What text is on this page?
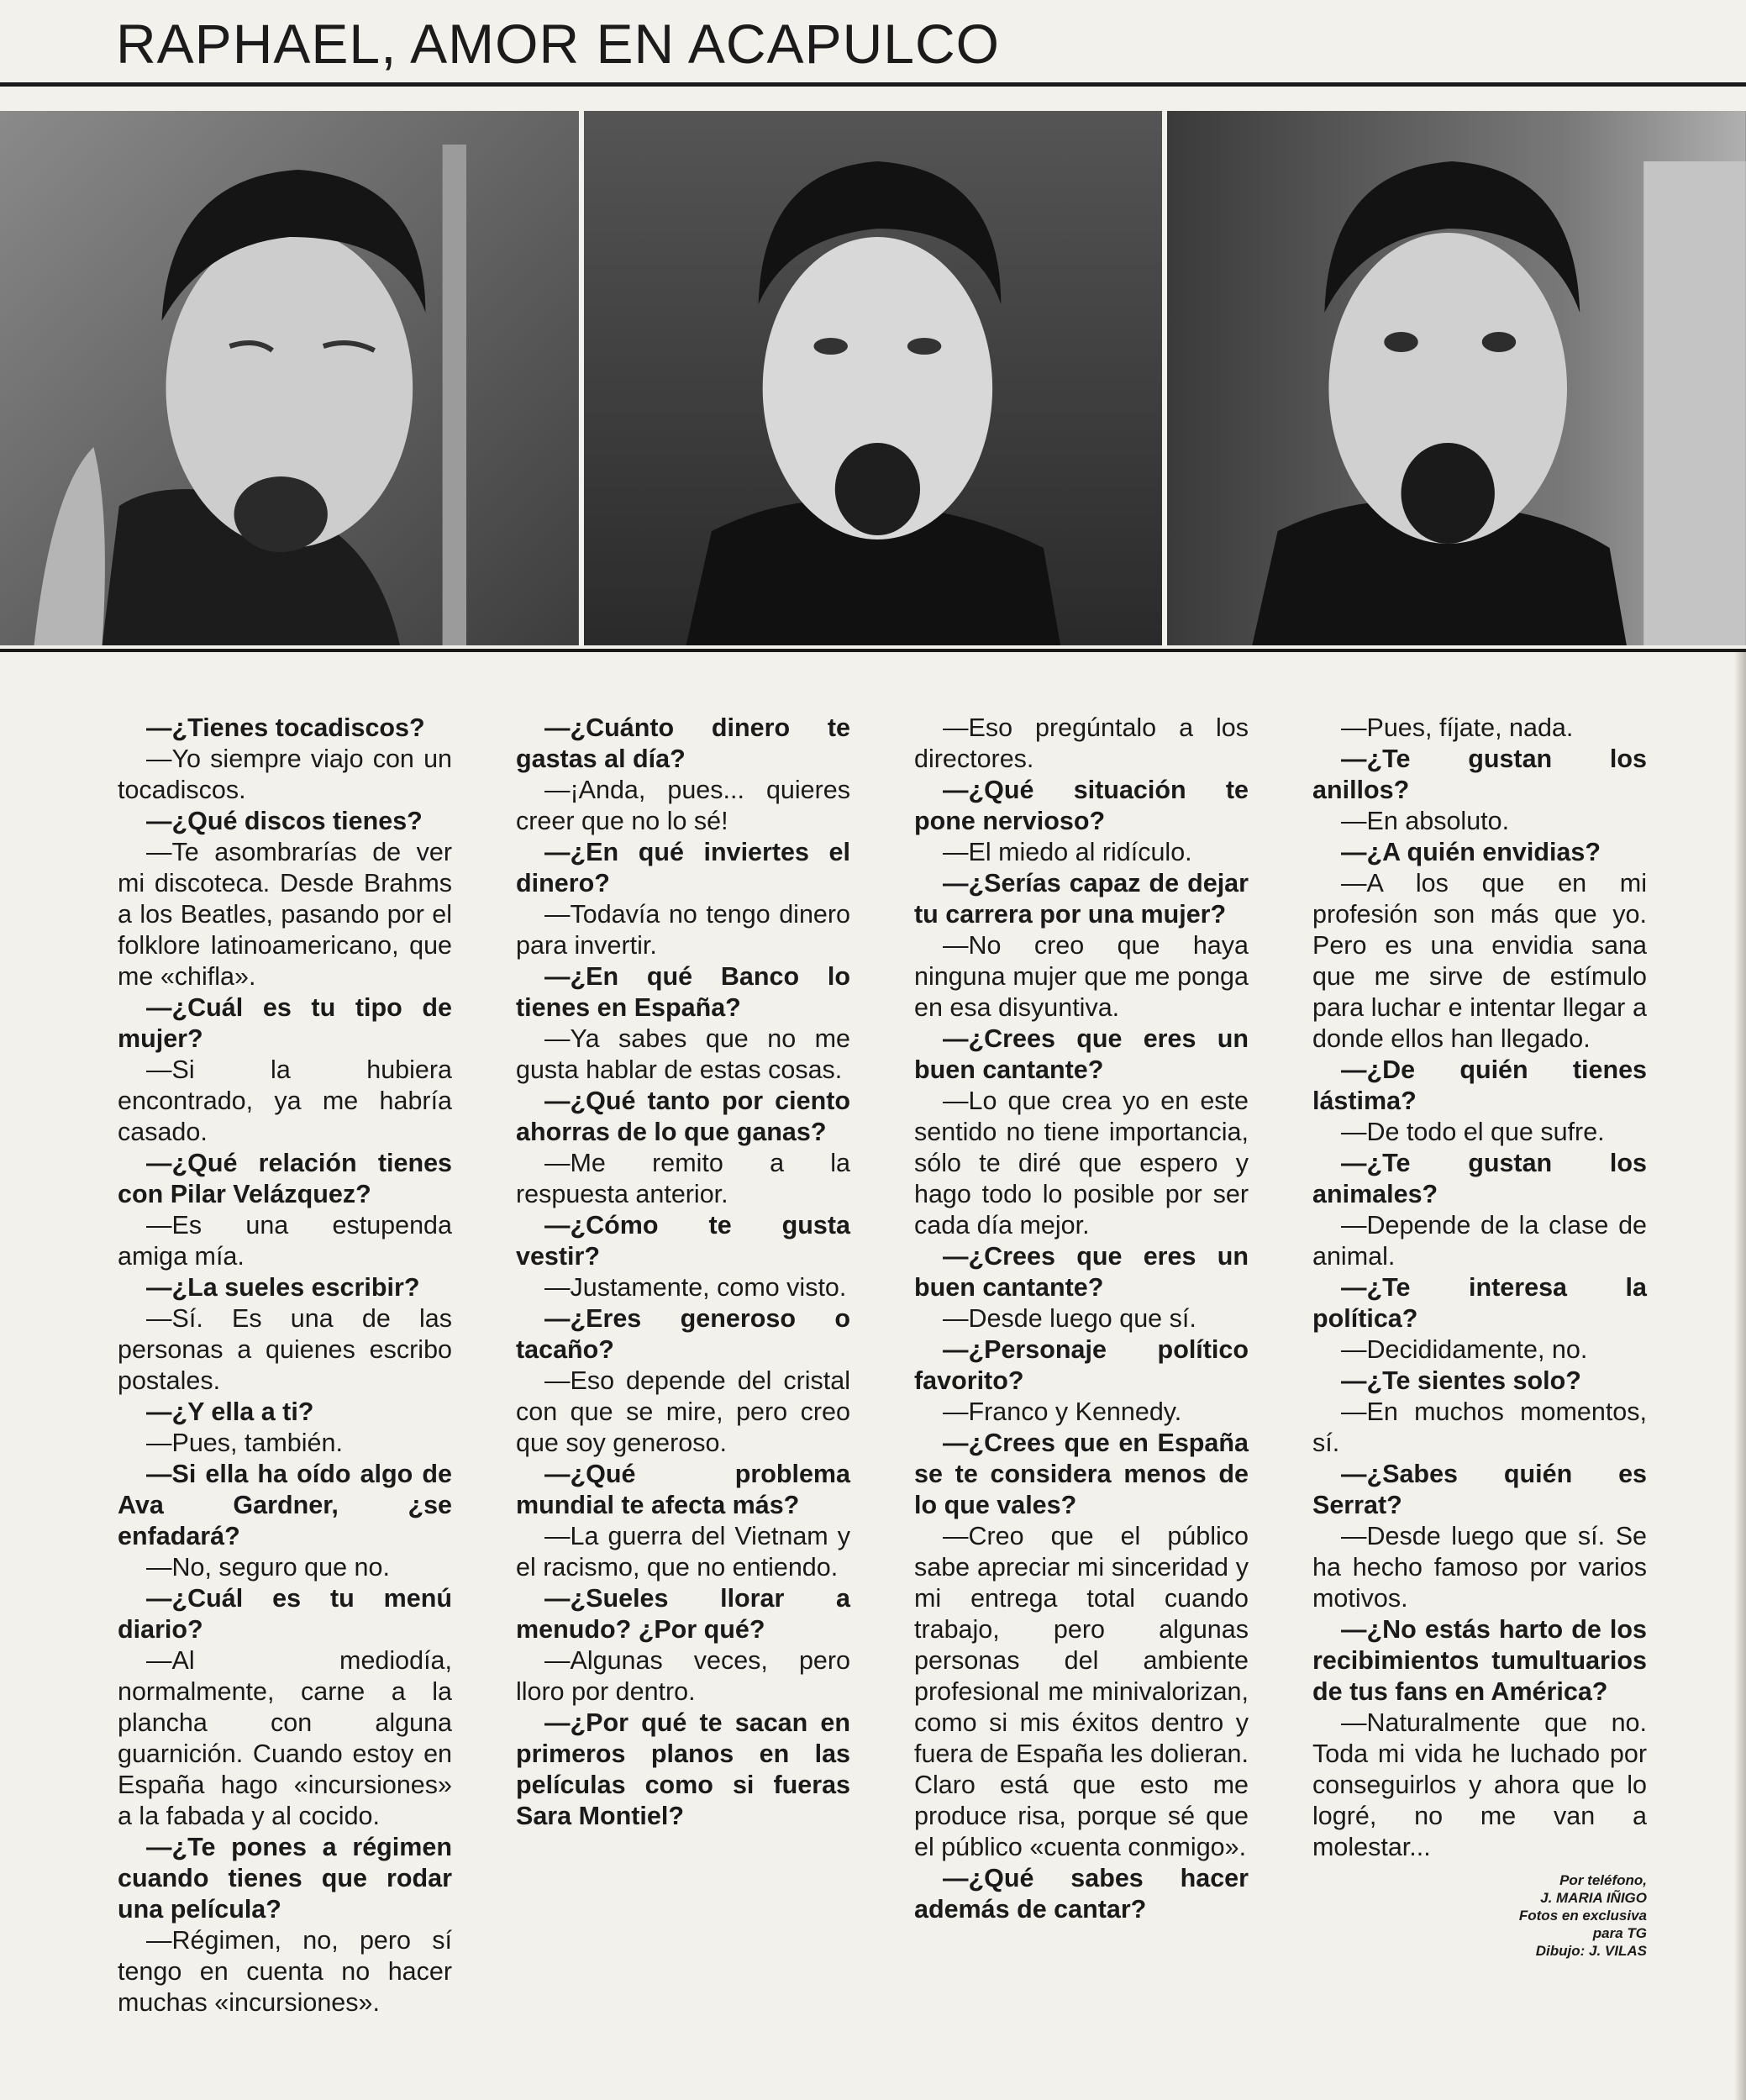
RAPHAEL, AMOR EN ACAPULCO

—¿Tienes tocadiscos?

—Yo siempre viajo con un tocadiscos.

—¿Qué discos tienes?

—Te asombrarías de ver mi discoteca. Desde Brahms a los Beatles, pasando por el folklore latinoamericano, que me «chifla».

—¿Cuál es tu tipo de mujer?

—Si la hubiera encontrado, ya me habría casado.

—¿Qué relación tienes con Pilar Velázquez?

—Es una estupenda amiga mía.

—¿La sueles escribir?

—Sí. Es una de las personas a quienes escribo postales.

—¿Y ella a ti?

—Pues, también.

—Si ella ha oído algo de Ava Gardner, ¿se enfadará?

—No, seguro que no.

—¿Cuál es tu menú diario?

—Al mediodía, normalmente, carne a la plancha con alguna guarnición. Cuando estoy en España hago «incursiones» a la fabada y al cocido.

—¿Te pones a régimen cuando tienes que rodar una película?

—Régimen, no, pero sí tengo en cuenta no hacer muchas «incursiones».

—¿Cuánto dinero te gastas al día?

—¡Anda, pues... quieres creer que no lo sé!

—¿En qué inviertes el dinero?

—Todavía no tengo dinero para invertir.

—¿En qué Banco lo tienes en España?

—Ya sabes que no me gusta hablar de estas cosas.

—¿Qué tanto por ciento ahorras de lo que ganas?

—Me remito a la respuesta anterior.

—¿Cómo te gusta vestir?

—Justamente, como visto.

—¿Eres generoso o tacaño?

—Eso depende del cristal con que se mire, pero creo que soy generoso.

—¿Qué problema mundial te afecta más?

—La guerra del Vietnam y el racismo, que no entiendo.

—¿Sueles llorar a menudo? ¿Por qué?

—Algunas veces, pero lloro por dentro.

—¿Por qué te sacan en primeros planos en las películas como si fueras Sara Montiel?

—Eso pregúntalo a los directores.

—¿Qué situación te pone nervioso?

—El miedo al ridículo.

—¿Serías capaz de dejar tu carrera por una mujer?

—No creo que haya ninguna mujer que me ponga en esa disyuntiva.

—¿Crees que eres un buen cantante?

—Lo que crea yo en este sentido no tiene importancia, sólo te diré que espero y hago todo lo posible por ser cada día mejor.

—¿Crees que eres un buen cantante?

—Desde luego que sí.

—¿Personaje político favorito?

—Franco y Kennedy.

—¿Crees que en España se te considera menos de lo que vales?

—Creo que el público sabe apreciar mi sinceridad y mi entrega total cuando trabajo, pero algunas personas del ambiente profesional me minivalorizan, como si mis éxitos dentro y fuera de España les dolieran. Claro está que esto me produce risa, porque sé que el público «cuenta conmigo».

—¿Qué sabes hacer además de cantar?

—Pues, fíjate, nada.

—¿Te gustan los anillos?

—En absoluto.

—¿A quién envidias?

—A los que en mi profesión son más que yo. Pero es una envidia sana que me sirve de estímulo para luchar e intentar llegar a donde ellos han llegado.

—¿De quién tienes lástima?

—De todo el que sufre.

—¿Te gustan los animales?

—Depende de la clase de animal.

—¿Te interesa la política?

—Decididamente, no.

—¿Te sientes solo?

—En muchos momentos, sí.

—¿Sabes quién es Serrat?

—Desde luego que sí. Se ha hecho famoso por varios motivos.

—¿No estás harto de los recibimientos tumultuarios de tus fans en América?

—Naturalmente que no. Toda mi vida he luchado por conseguirlos y ahora que lo logré, no me van a molestar...

Por teléfono,
J. MARIA IÑIGO
Fotos en exclusiva
para TG
Dibujo: J. VILAS
